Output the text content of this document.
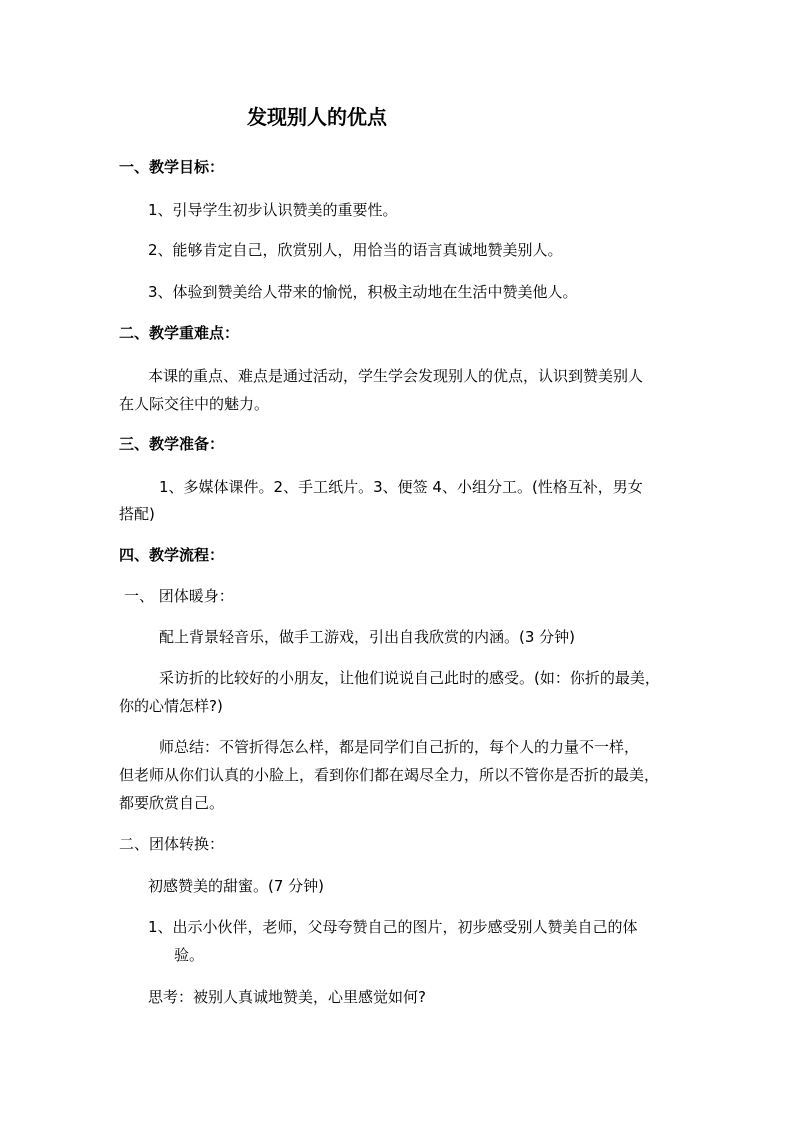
发现别人的优点
一、教学目标：
1、引导学生初步认识赞美的重要性。
2、能够肯定自己，欣赏别人，用恰当的语言真诚地赞美别人。
3、体验到赞美给人带来的愉悦，积极主动地在生活中赞美他人。
二、教学重难点：
本课的重点、难点是通过活动，学生学会发现别人的优点，认识到赞美别人
在人际交往中的魅力。
三、教学准备：
1、多媒体课件。2、手工纸片。3、便签 4、小组分工。(性格互补，男女
搭配)
四、教学流程：
一、 团体暖身：
配上背景轻音乐，做手工游戏，引出自我欣赏的内涵。(3 分钟)
采访折的比较好的小朋友，让他们说说自己此时的感受。(如：你折的最美，
你的心情怎样?)
师总结：不管折得怎么样，都是同学们自己折的，每个人的力量不一样，
但老师从你们认真的小脸上，看到你们都在竭尽全力，所以不管你是否折的最美，
都要欣赏自己。
二、团体转换：
初感赞美的甜蜜。(7 分钟)
1、出示小伙伴，老师，父母夸赞自己的图片，初步感受别人赞美自己的体
验。
思考：被别人真诚地赞美，心里感觉如何?
